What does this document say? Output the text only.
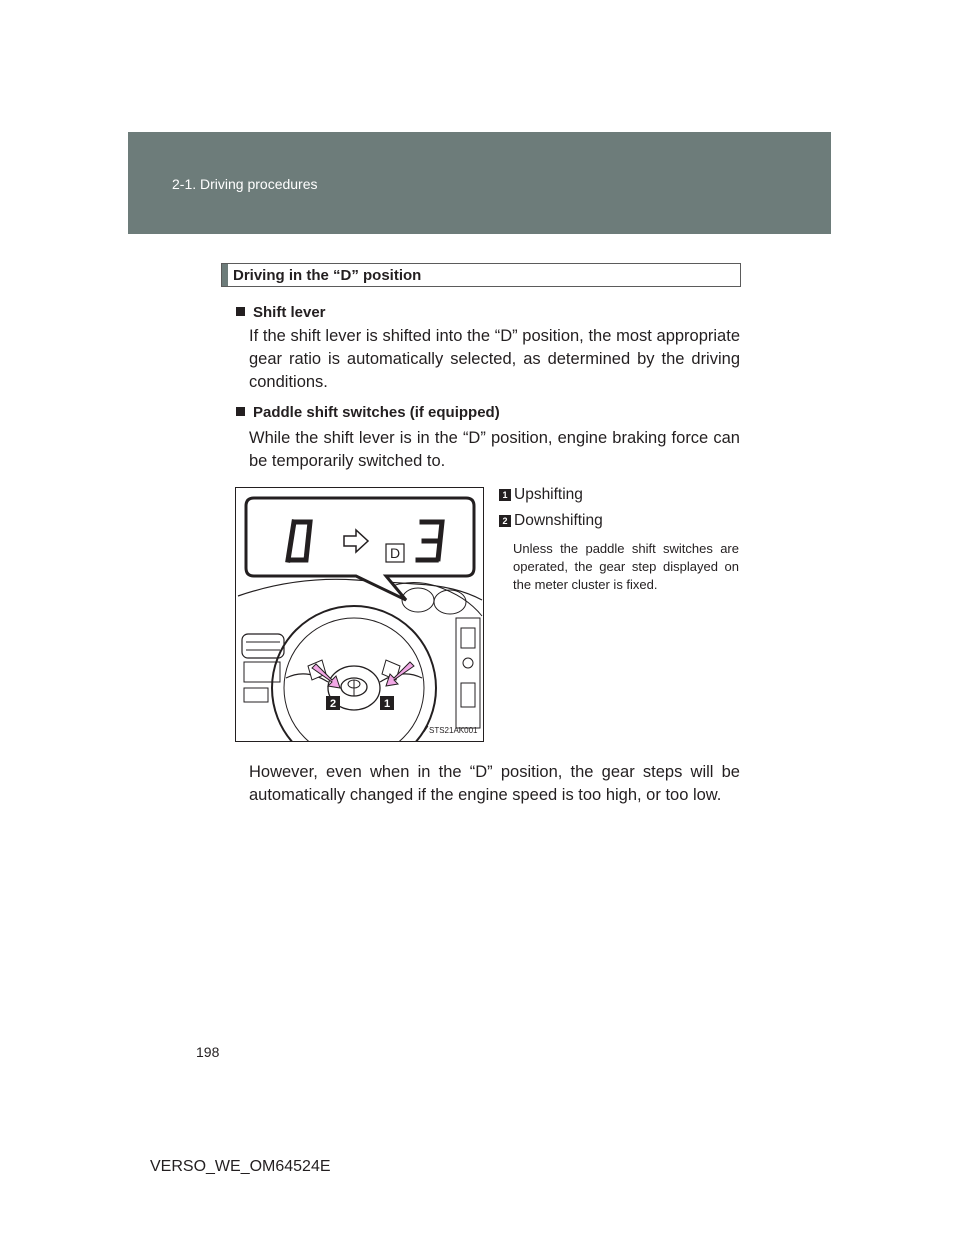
2-1. Driving procedures
Driving in the “D” position
Shift lever

If the shift lever is shifted into the “D” position, the most appropriate gear ratio is automatically selected, as determined by the driving conditions.

Paddle shift switches (if equipped)

While the shift lever is in the “D” position, engine braking force can be temporarily switched to.

2	1
D
STS21AK001
D	3
1 Upshifting
2 Downshifting

Unless the paddle shift switches are operated, the gear step displayed on the meter cluster is fixed.

However, even when in the “D” position, the gear steps will be automatically changed if the engine speed is too high, or too low.

198
VERSO_WE_OM64524E
